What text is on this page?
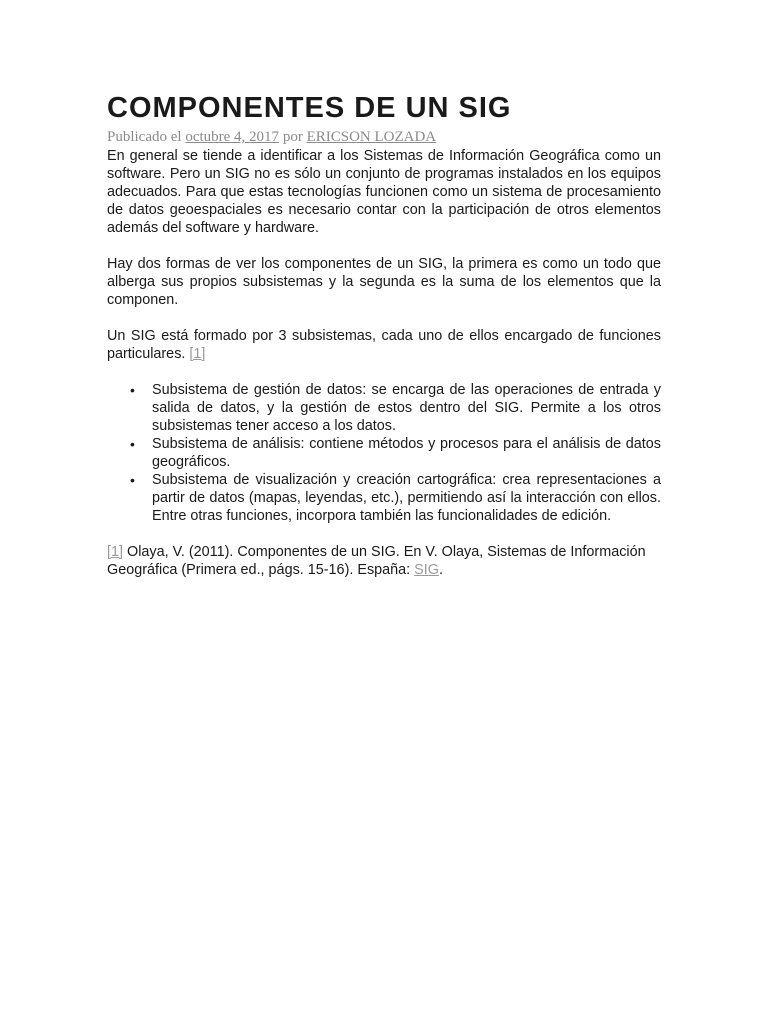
COMPONENTES DE UN SIG
Publicado el octubre 4, 2017 por ERICSON LOZADA

En general se tiende a identificar a los Sistemas de Información Geográfica como un software. Pero un SIG no es sólo un conjunto de programas instalados en los equipos adecuados. Para que estas tecnologías funcionen como un sistema de procesamiento de datos geoespaciales es necesario contar con la participación de otros elementos además del software y hardware.

Hay dos formas de ver los componentes de un SIG, la primera es como un todo que alberga sus propios subsistemas y la segunda es la suma de los elementos que la componen.

Un SIG está formado por 3 subsistemas, cada uno de ellos encargado de funciones particulares. [1]

• Subsistema de gestión de datos: se encarga de las operaciones de entrada y salida de datos, y la gestión de estos dentro del SIG. Permite a los otros subsistemas tener acceso a los datos.
• Subsistema de análisis: contiene métodos y procesos para el análisis de datos geográficos.
• Subsistema de visualización y creación cartográfica: crea representaciones a partir de datos (mapas, leyendas, etc.), permitiendo así la interacción con ellos. Entre otras funciones, incorpora también las funcionalidades de edición.

[1] Olaya, V. (2011). Componentes de un SIG. En V. Olaya, Sistemas de Información Geográfica (Primera ed., págs. 15-16). España: SIG.
